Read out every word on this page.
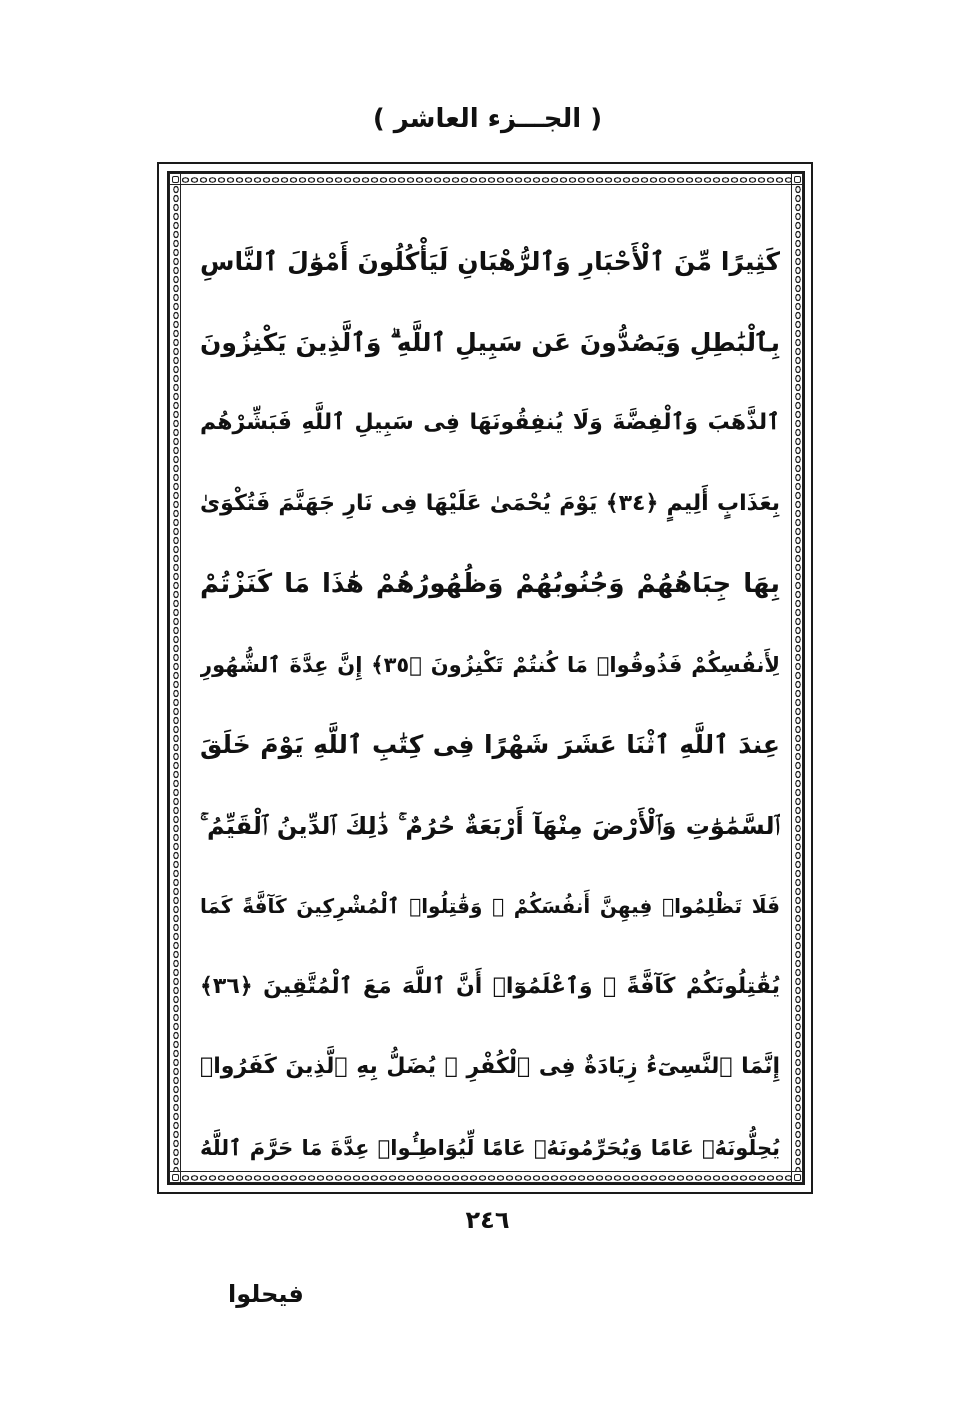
( الجـــزء العاشر )
كَثِيرًا مِّنَ ٱلْأَحْبَارِ وَٱلرُّهْبَانِ لَيَأْكُلُونَ أَمْوَٰلَ ٱلنَّاسِ
بِٱلْبَٰطِلِ وَيَصُدُّونَ عَن سَبِيلِ ٱللَّهِ ۗ وَٱلَّذِينَ يَكْنِزُونَ
ٱلذَّهَبَ وَٱلْفِضَّةَ وَلَا يُنفِقُونَهَا فِى سَبِيلِ ٱللَّهِ فَبَشِّرْهُم
بِعَذَابٍ أَلِيمٍ ﴿٣٤﴾ يَوْمَ يُحْمَىٰ عَلَيْهَا فِى نَارِ جَهَنَّمَ فَتُكْوَىٰ
بِهَا جِبَاهُهُمْ وَجُنُوبُهُمْ وَظُهُورُهُمْ هَٰذَا مَا كَنَزْتُمْ
لِأَنفُسِكُمْ فَذُوقُوا۟ مَا كُنتُمْ تَكْنِزُونَ ﴿٣٥﴾ إِنَّ عِدَّةَ ٱلشُّهُورِ
عِندَ ٱللَّهِ ٱثْنَا عَشَرَ شَهْرًا فِى كِتَٰبِ ٱللَّهِ يَوْمَ خَلَقَ
ٱلسَّمَٰوَٰتِ وَٱلْأَرْضَ مِنْهَآ أَرْبَعَةٌ حُرُمٌ ۚ ذَٰلِكَ ٱلدِّينُ ٱلْقَيِّمُ ۚ
فَلَا تَظْلِمُوا۟ فِيهِنَّ أَنفُسَكُمْ ۚ وَقَٰتِلُوا۟ ٱلْمُشْرِكِينَ كَآفَّةً كَمَا
يُقَٰتِلُونَكُمْ كَآفَّةً ۚ وَٱعْلَمُوٓا۟ أَنَّ ٱللَّهَ مَعَ ٱلْمُتَّقِينَ ﴿٣٦﴾
إِنَّمَا ٱلنَّسِىٓءُ زِيَادَةٌ فِى ٱلْكُفْرِ ۖ يُضَلُّ بِهِ ٱلَّذِينَ كَفَرُوا۟
يُحِلُّونَهُۥ عَامًا وَيُحَرِّمُونَهُۥ عَامًا لِّيُوَاطِـُٔوا۟ عِدَّةَ مَا حَرَّمَ ٱللَّهُ
٢٤٦
فيحلوا
